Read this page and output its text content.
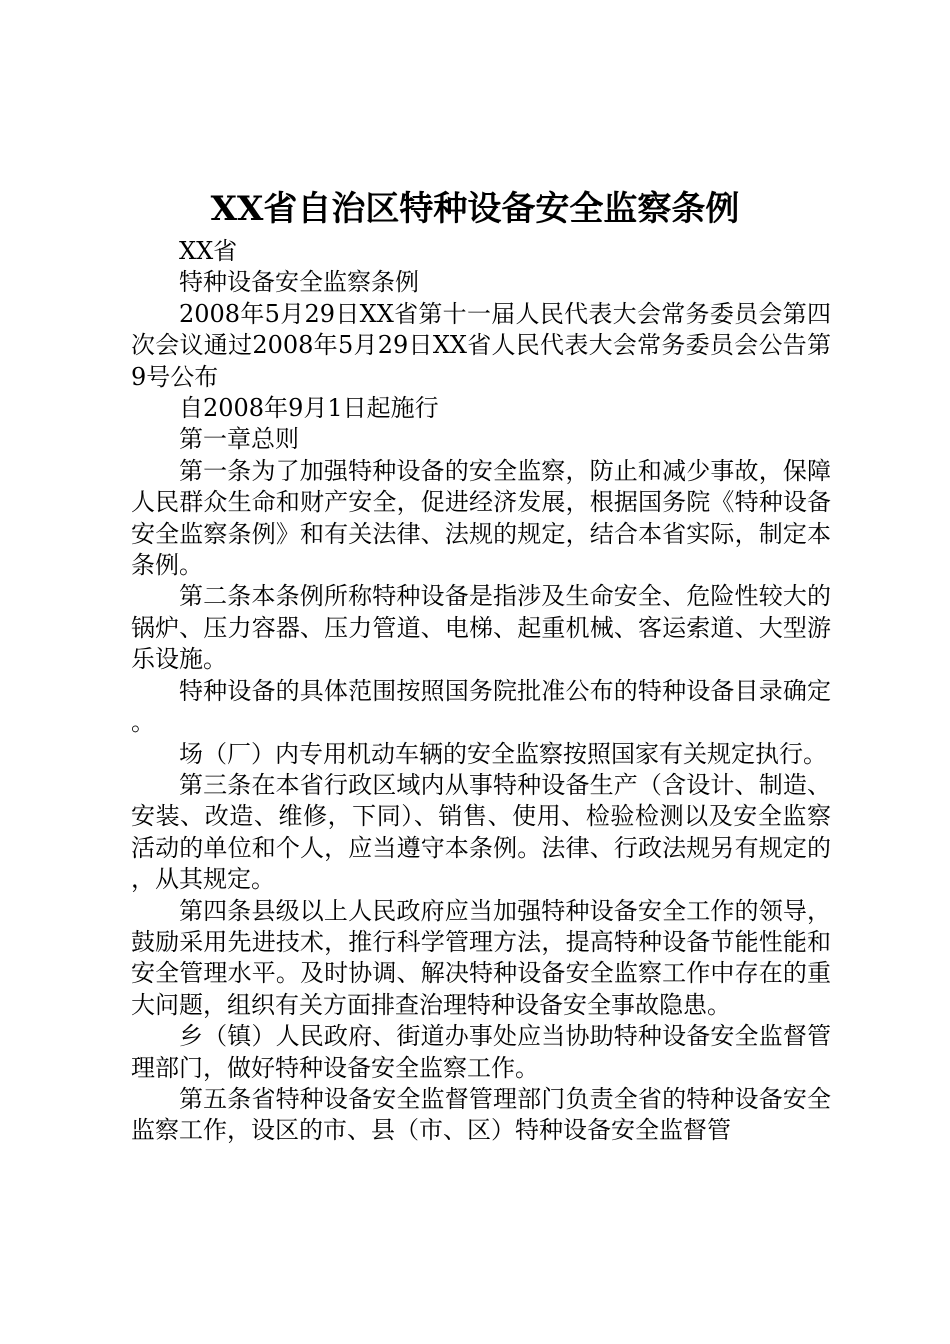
XX省自治区特种设备安全监察条例

XX省

特种设备安全监察条例

2008年5月29日XX省第十一届人民代表大会常务委员会第四次会议通过2008年5月29日XX省人民代表大会常务委员会公告第9号公布

自2008年9月1日起施行

第一章总则

第一条为了加强特种设备的安全监察，防止和减少事故，保障人民群众生命和财产安全，促进经济发展，根据国务院《特种设备安全监察条例》和有关法律、法规的规定，结合本省实际，制定本条例。

第二条本条例所称特种设备是指涉及生命安全、危险性较大的锅炉、压力容器、压力管道、电梯、起重机械、客运索道、大型游乐设施。

特种设备的具体范围按照国务院批准公布的特种设备目录确定。

场（厂）内专用机动车辆的安全监察按照国家有关规定执行。

第三条在本省行政区域内从事特种设备生产（含设计、制造、安装、改造、维修，下同）、销售、使用、检验检测以及安全监察活动的单位和个人，应当遵守本条例。法律、行政法规另有规定的，从其规定。

第四条县级以上人民政府应当加强特种设备安全工作的领导，鼓励采用先进技术，推行科学管理方法，提高特种设备节能性能和安全管理水平。及时协调、解决特种设备安全监察工作中存在的重大问题，组织有关方面排查治理特种设备安全事故隐患。

乡（镇）人民政府、街道办事处应当协助特种设备安全监督管理部门，做好特种设备安全监察工作。

第五条省特种设备安全监督管理部门负责全省的特种设备安全监察工作，设区的市、县（市、区）特种设备安全监督管
